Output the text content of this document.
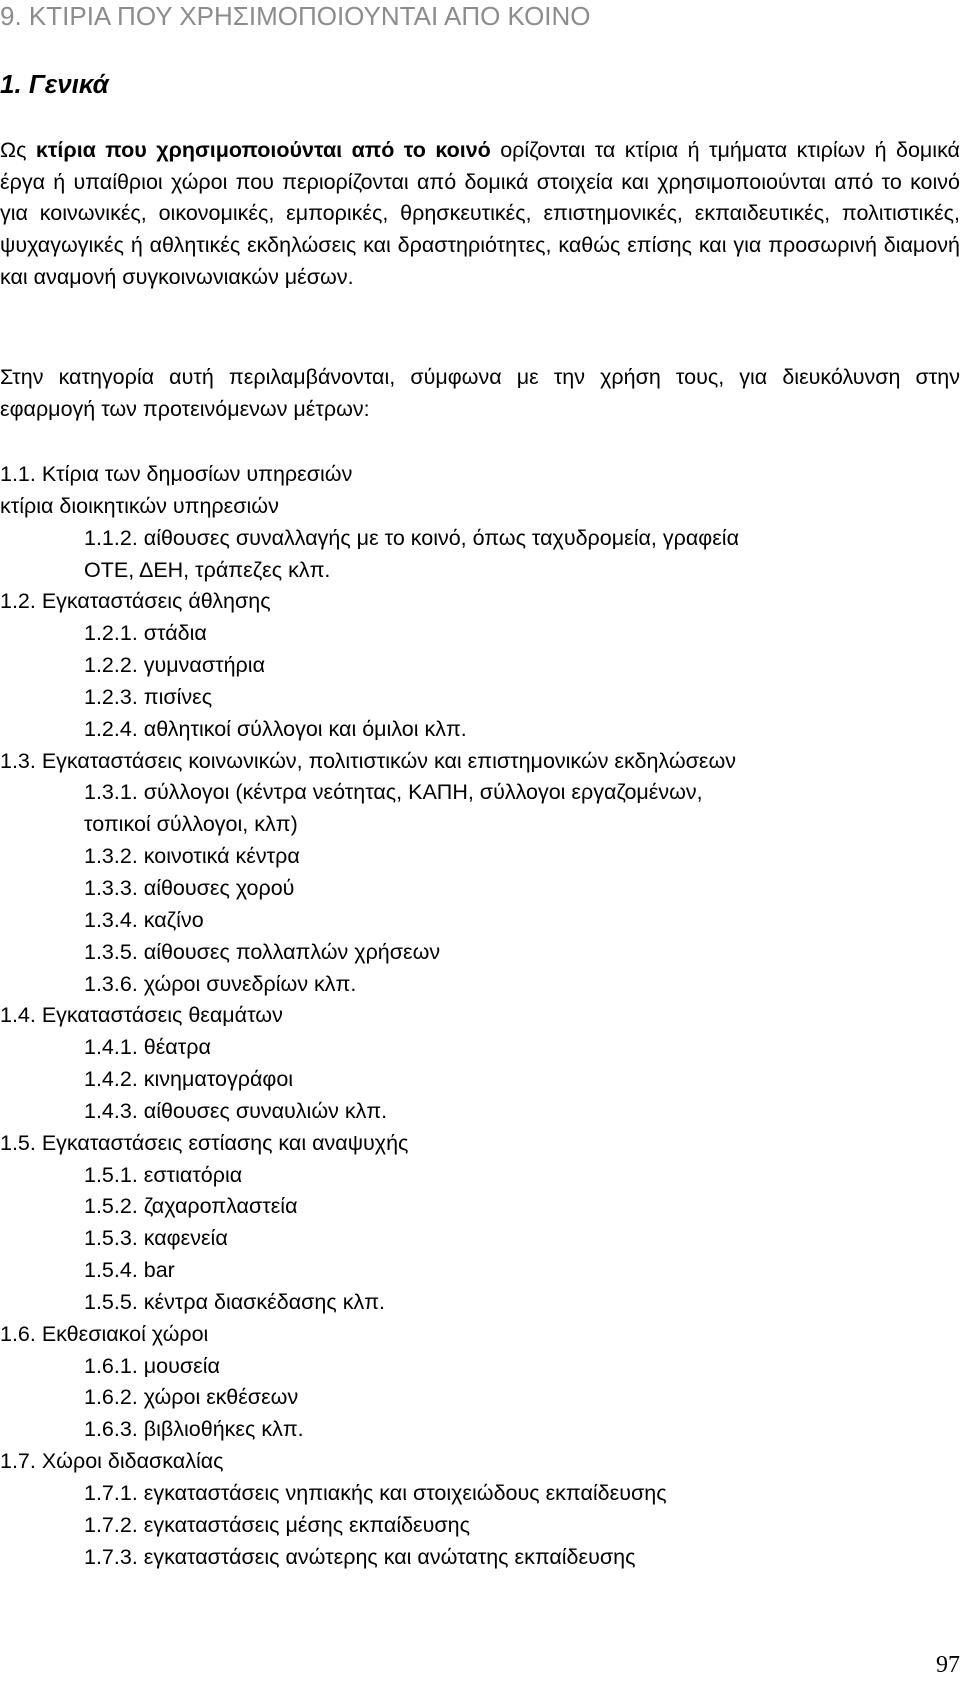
9. ΚΤΙΡΙΑ ΠΟΥ ΧΡΗΣΙΜΟΠΟΙΟΥΝΤΑΙ ΑΠΟ ΚΟΙΝΟ
1. Γενικά
Ως κτίρια που χρησιμοποιούνται από το κοινό ορίζονται τα κτίρια ή τμήματα κτιρίων ή δομικά έργα ή υπαίθριοι χώροι που περιορίζονται από δομικά στοιχεία και χρησιμοποιούνται από το κοινό για κοινωνικές, οικονομικές, εμπορικές, θρησκευτικές, επιστημονικές, εκπαιδευτικές, πολιτιστικές, ψυχαγωγικές ή αθλητικές εκδηλώσεις και δραστηριότητες, καθώς επίσης και για προσωρινή διαμονή και αναμονή συγκοινωνιακών μέσων.
Στην κατηγορία αυτή περιλαμβάνονται, σύμφωνα με την χρήση τους, για διευκόλυνση στην εφαρμογή των προτεινόμενων μέτρων:
1.1. Κτίρια των δημοσίων υπηρεσιών
κτίρια διοικητικών υπηρεσιών
1.1.2. αίθουσες συναλλαγής με το κοινό, όπως ταχυδρομεία, γραφεία
ΟΤΕ, ΔΕΗ, τράπεζες κλπ.
1.2. Εγκαταστάσεις άθλησης
1.2.1. στάδια
1.2.2. γυμναστήρια
1.2.3. πισίνες
1.2.4. αθλητικοί σύλλογοι και όμιλοι κλπ.
1.3. Εγκαταστάσεις κοινωνικών, πολιτιστικών και επιστημονικών εκδηλώσεων
1.3.1. σύλλογοι (κέντρα νεότητας, ΚΑΠΗ, σύλλογοι εργαζομένων,
τοπικοί σύλλογοι, κλπ)
1.3.2. κοινοτικά κέντρα
1.3.3. αίθουσες χορού
1.3.4. καζίνο
1.3.5. αίθουσες πολλαπλών χρήσεων
1.3.6. χώροι συνεδρίων κλπ.
1.4. Εγκαταστάσεις θεαμάτων
1.4.1. θέατρα
1.4.2. κινηματογράφοι
1.4.3. αίθουσες συναυλιών κλπ.
1.5. Εγκαταστάσεις εστίασης και αναψυχής
1.5.1. εστιατόρια
1.5.2. ζαχαροπλαστεία
1.5.3. καφενεία
1.5.4. bar
1.5.5. κέντρα διασκέδασης κλπ.
1.6. Εκθεσιακοί χώροι
1.6.1. μουσεία
1.6.2. χώροι εκθέσεων
1.6.3. βιβλιοθήκες κλπ.
1.7. Χώροι διδασκαλίας
1.7.1. εγκαταστάσεις νηπιακής και στοιχειώδους εκπαίδευσης
1.7.2. εγκαταστάσεις μέσης εκπαίδευσης
1.7.3. εγκαταστάσεις ανώτερης και ανώτατης εκπαίδευσης
97
